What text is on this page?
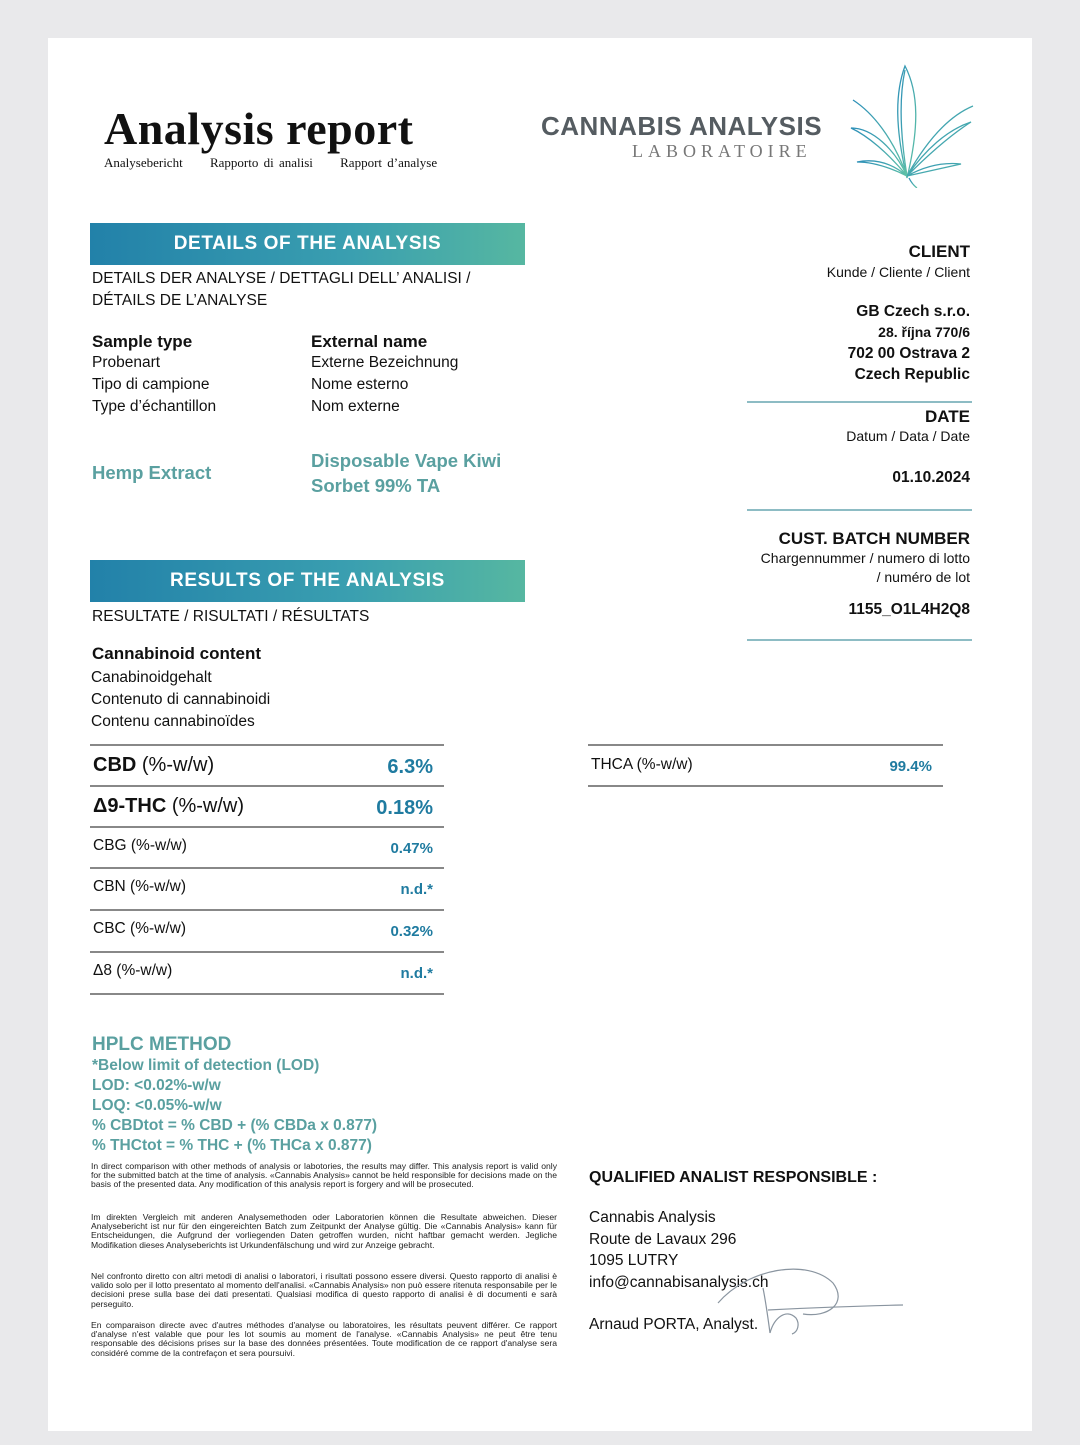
Analysis report
Analysebericht Rapporto di analisi Rapport d’analyse
CANNABIS ANALYSIS
LABORATOIRE
DETAILS OF THE ANALYSIS
DETAILS DER ANALYSE / DETTAGLI DELL’ ANALISI /
DÉTAILS DE L’ANALYSE
Sample type
Probenart
Tipo di campione
Type d’échantillon
Hemp Extract
External name
Externe Bezeichnung
Nome esterno
Nom externe
Disposable Vape Kiwi
Sorbet 99% TA
CLIENT
Kunde / Cliente / Client
GB Czech s.r.o.
28. října 770/6
702 00 Ostrava 2
Czech Republic
DATE
Datum / Data / Date
01.10.2024
CUST. BATCH NUMBER
Chargennummer / numero di lotto
/ numéro de lot
1155_O1L4H2Q8
RESULTS OF THE ANALYSIS
RESULTATE / RISULTATI / RÉSULTATS
Cannabinoid content
Canabinoidgehalt
Contenuto di cannabinoidi
Contenu cannabinoïdes
CBD (%-w/w)	6.3%
Δ9-THC (%-w/w)	0.18%
CBG (%-w/w)	0.47%
CBN (%-w/w)	n.d.*
CBC (%-w/w)	0.32%
Δ8 (%-w/w)	n.d.*
THCA (%-w/w)	99.4%
HPLC METHOD
*Below limit of detection (LOD)
LOD: <0.02%-w/w
LOQ: <0.05%-w/w
% CBDtot = % CBD + (% CBDa x 0.877)
% THCtot = % THC + (% THCa x 0.877)
In direct comparison with other methods of analysis or labotories, the results may differ. This analysis report is valid only for the submitted batch at the time of analysis. «Cannabis Analysis» cannot be held responsible for decisions made on the basis of the presented data. Any modification of this analysis report is forgery and will be prosecuted.
Im direkten Vergleich mit anderen Analysemethoden oder Laboratorien können die Resultate abweichen. Dieser Analysebericht ist nur für den eingereichten Batch zum Zeitpunkt der Analyse gültig. Die «Cannabis Analysis» kann für Entscheidungen, die Aufgrund der vorliegenden Daten getroffen wurden, nicht haftbar gemacht werden. Jegliche Modifikation dieses Analyseberichts ist Urkundenfälschung und wird zur Anzeige gebracht.
Nel confronto diretto con altri metodi di analisi o laboratori, i risultati possono essere diversi. Questo rapporto di analisi è valido solo per il lotto presentato al momento dell'analisi. «Cannabis Analysis» non può essere ritenuta responsabile per le decisioni prese sulla base dei dati presentati. Qualsiasi modifica di questo rapporto di analisi è di documenti e sarà perseguito.
En comparaison directe avec d'autres méthodes d'analyse ou laboratoires, les résultats peuvent différer. Ce rapport d'analyse n'est valable que pour les lot soumis au moment de l'analyse. «Cannabis Analysis» ne peut être tenu responsable des décisions prises sur la base des données présentées. Toute modification de ce rapport d'analyse sera considéré comme de la contrefaçon et sera poursuivi.
QUALIFIED ANALIST RESPONSIBLE :
Cannabis Analysis
Route de Lavaux 296
1095 LUTRY
info@cannabisanalysis.ch
Arnaud PORTA, Analyst.
